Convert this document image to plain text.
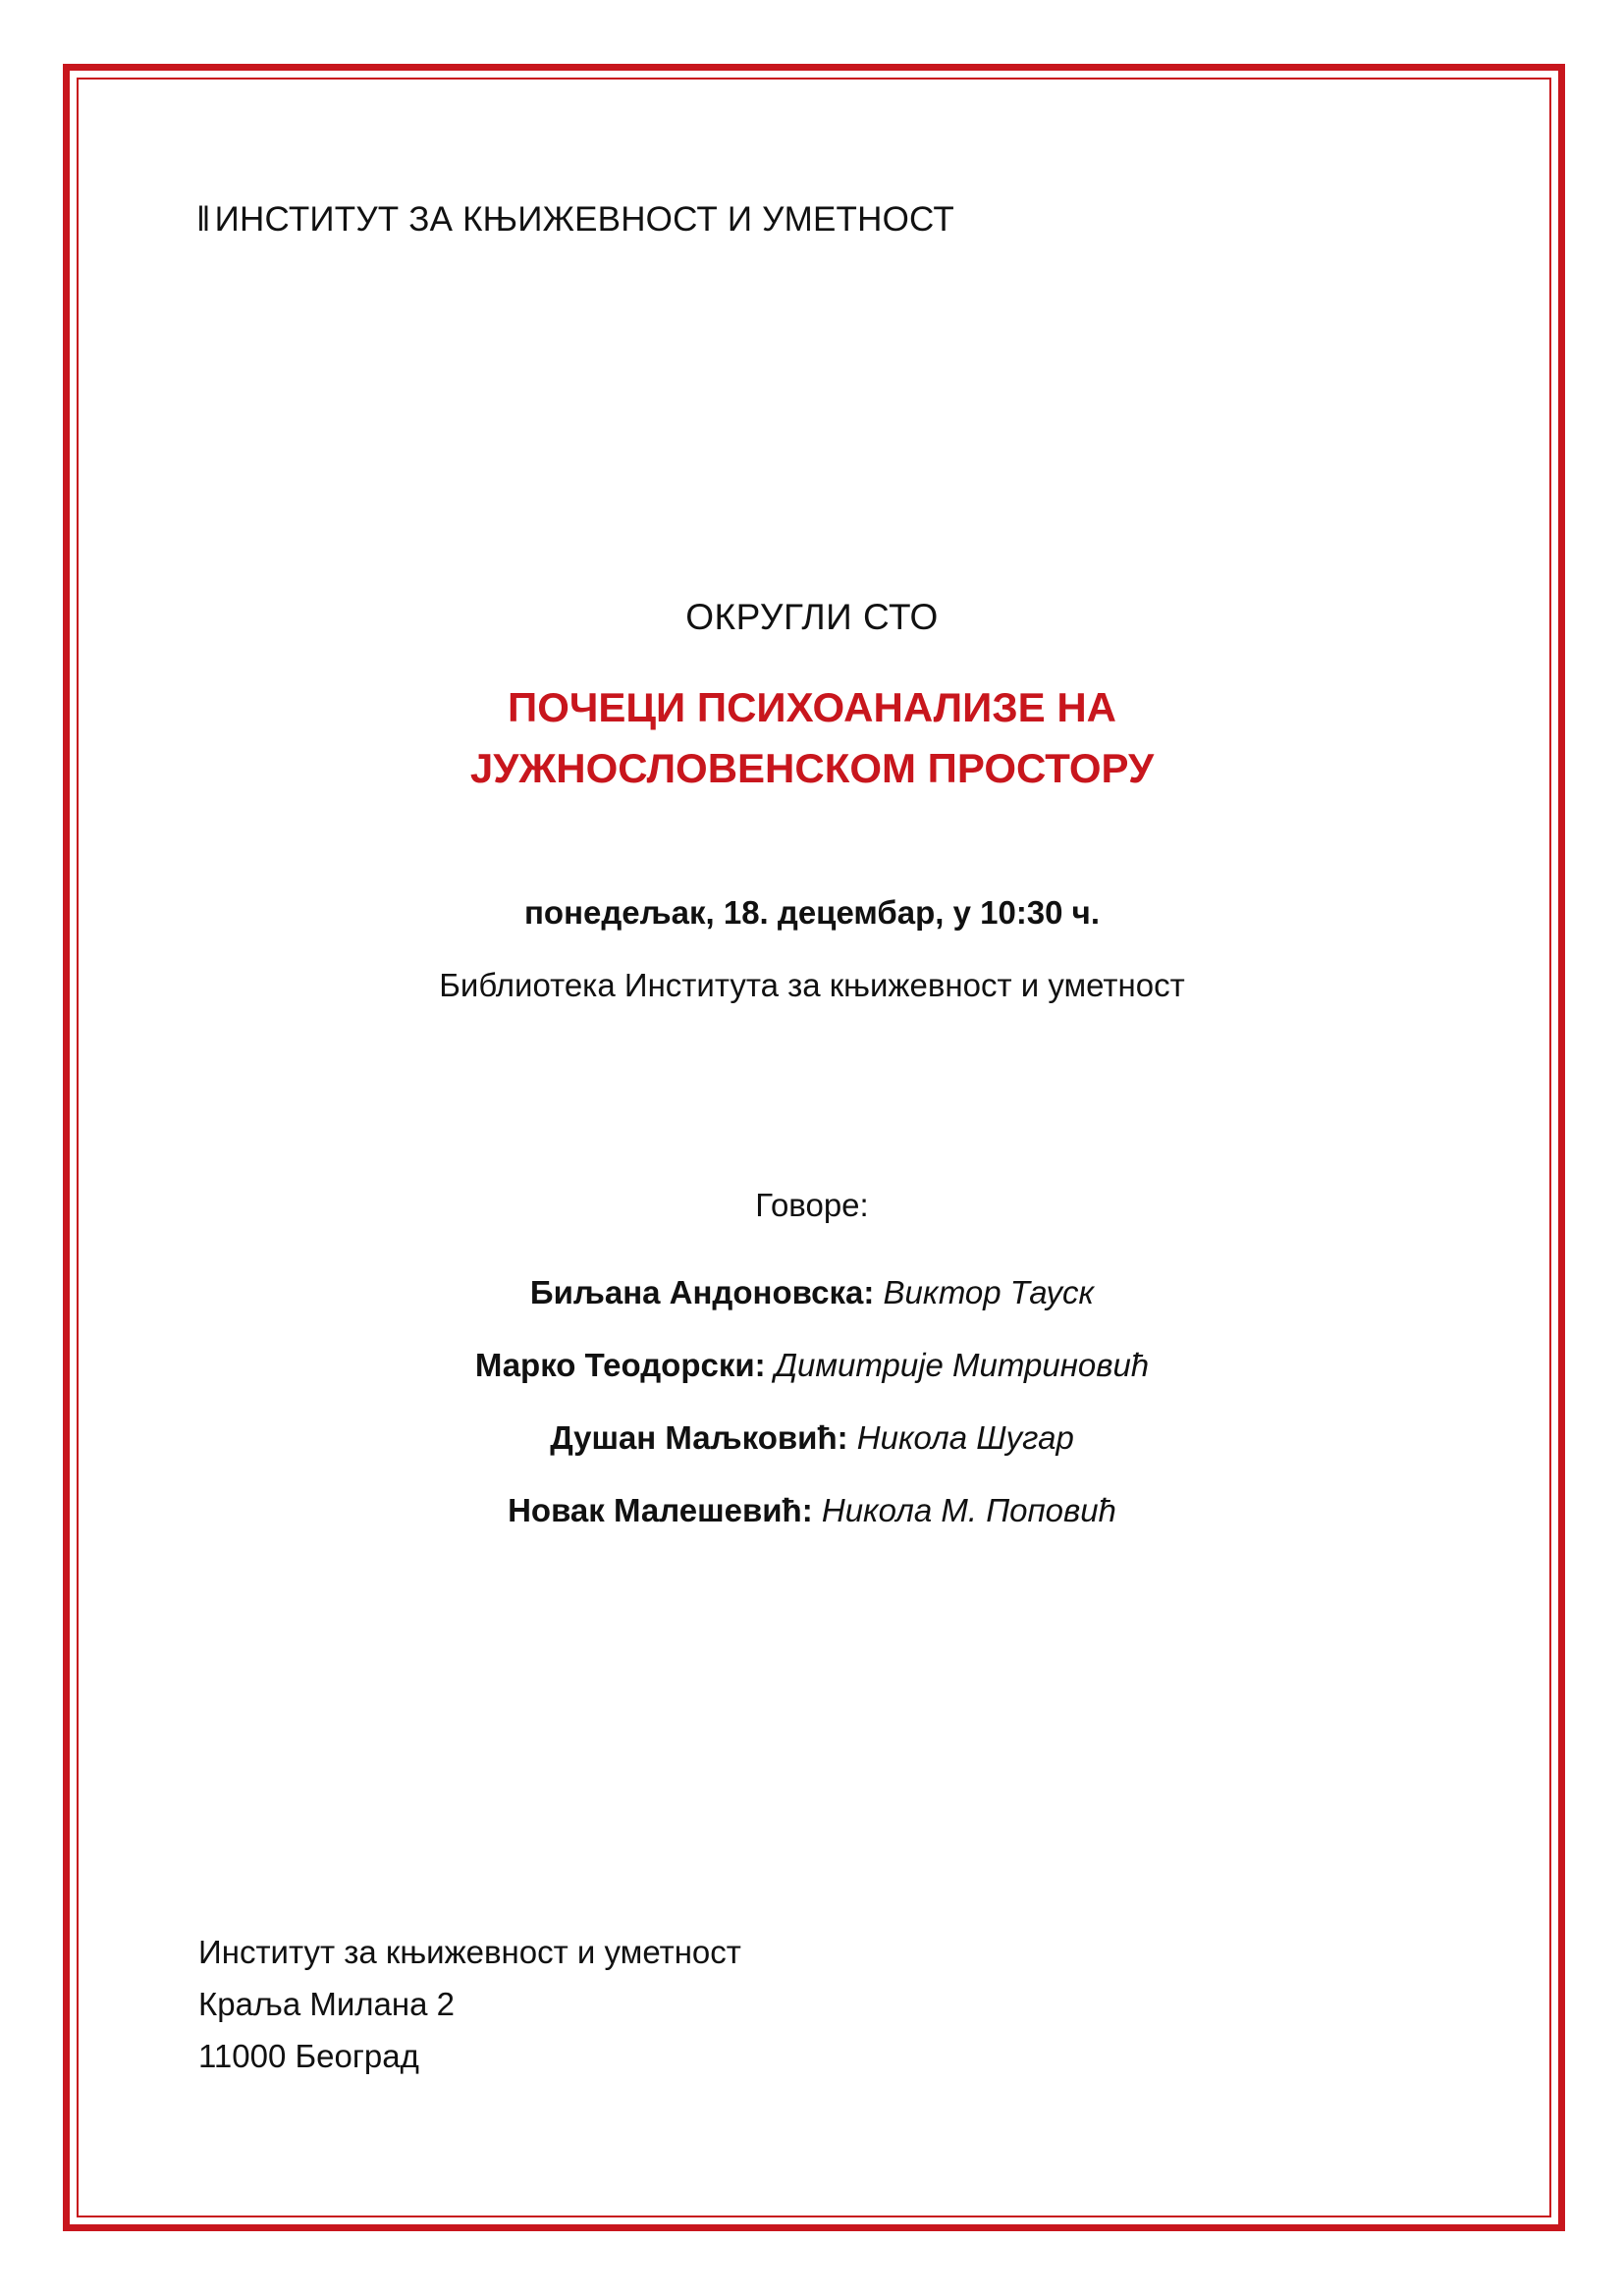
‖ ИНСТИТУТ ЗА КЊИЖЕВНОСТ И УМЕТНОСТ
ОКРУГЛИ СТО
ПОЧЕЦИ ПСИХОАНАЛИЗЕ НА
ЈУЖНОСЛОВЕНСКОМ ПРОСТОРУ
понедељак, 18. децембар, у 10:30 ч.
Библиотека Института за књижевност и уметност
Говоре:
Биљана Андоновска: Виктор Тауск
Марко Теодорски: Димитрије Митриновић
Душан Маљковић: Никола Шугар
Новак Малешевић: Никола М. Поповић
Институт за књижевност и уметност
Краља Милана 2
11000 Београд
